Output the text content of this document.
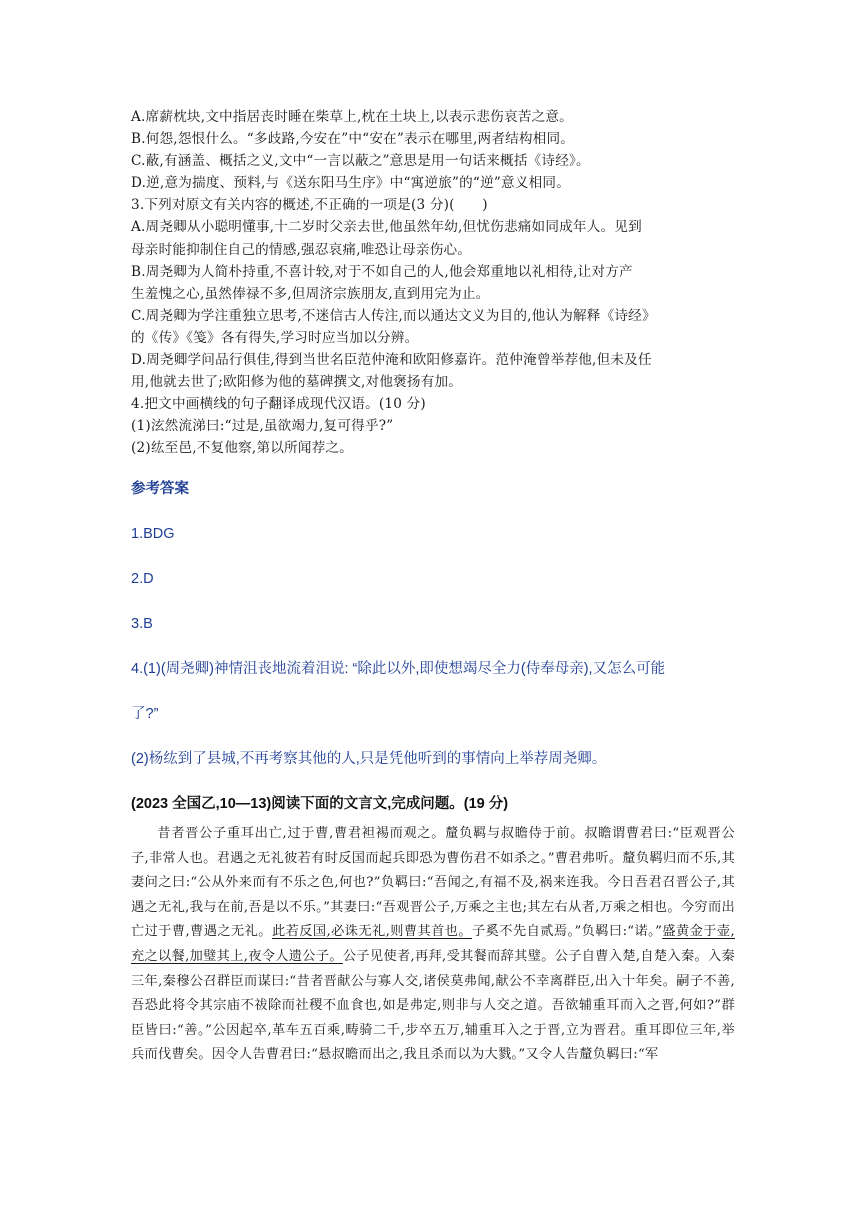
A.席薪枕块,文中指居丧时睡在柴草上,枕在土块上,以表示悲伤哀苦之意。

B.何怨,怨恨什么。“多歧路,今安在”中“安在”表示在哪里,两者结构相同。

C.蔽,有涵盖、概括之义,文中“一言以蔽之”意思是用一句话来概括《诗经》。

D.逆,意为揣度、预料,与《送东阳马生序》中“寓逆旅”的“逆”意义相同。

3.下列对原文有关内容的概述,不正确的一项是(3 分)(　　)

A.周尧卿从小聪明懂事,十二岁时父亲去世,他虽然年幼,但忧伤悲痛如同成年人。见到

母亲时能抑制住自己的情感,强忍哀痛,唯恐让母亲伤心。

B.周尧卿为人简朴持重,不喜计较,对于不如自己的人,他会郑重地以礼相待,让对方产

生羞愧之心,虽然俸禄不多,但周济宗族朋友,直到用完为止。

C.周尧卿为学注重独立思考,不迷信古人传注,而以通达文义为目的,他认为解释《诗经》

的《传》《笺》各有得失,学习时应当加以分辨。

D.周尧卿学问品行俱佳,得到当世名臣范仲淹和欧阳修嘉许。范仲淹曾举荐他,但未及任

用,他就去世了;欧阳修为他的墓碑撰文,对他褒扬有加。

4.把文中画横线的句子翻译成现代汉语。(10 分)

(1)泫然流涕曰:“过是,虽欲竭力,复可得乎?”

(2)纮至邑,不复他察,第以所闻荐之。

参考答案

1.BDG

2.D

3.B

4.(1)(周尧卿)神情沮丧地流着泪说: “除此以外,即使想竭尽全力(侍奉母亲),又怎么可能

了?”

(2)杨纮到了县城,不再考察其他的人,只是凭他听到的事情向上举荐周尧卿。

(2023 全国乙,10—13)阅读下面的文言文,完成问题。(19 分)

昔者晋公子重耳出亡,过于曹,曹君袒裼而观之。釐负羁与叔瞻侍于前。叔瞻谓曹君曰:“臣观晋公子,非常人也。君遇之无礼彼若有时反国而起兵即恐为曹伤君不如杀之。”曹君弗听。釐负羁归而不乐,其妻问之曰:“公从外来而有不乐之色,何也?”负羁曰:“吾闻之,有福不及,祸来连我。今日吾君召晋公子,其遇之无礼,我与在前,吾是以不乐。”其妻曰:“吾观晋公子,万乘之主也;其左右从者,万乘之相也。今穷而出亡过于曹,曹遇之无礼。此若反国,必诛无礼,则曹其首也。子奚不先自贰焉。”负羁曰:“诺。”盛黄金于壶,充之以餐,加璧其上,夜令人遗公子。公子见使者,再拜,受其餐而辞其璧。公子自曹入楚,自楚入秦。入秦三年,秦穆公召群臣而谋曰:“昔者晋献公与寡人交,诸侯莫弗闻,献公不幸离群臣,出入十年矣。嗣子不善,吾恐此将令其宗庙不祓除而社稷不血食也,如是弗定,则非与人交之道。吾欲辅重耳而入之晋,何如?”群臣皆曰:“善。”公因起卒,革车五百乘,畴骑二千,步卒五万,辅重耳入之于晋,立为晋君。重耳即位三年,举兵而伐曹矣。因令人告曹君曰:“悬叔瞻而出之,我且杀而以为大戮。”又令人告釐负羁曰:“军
